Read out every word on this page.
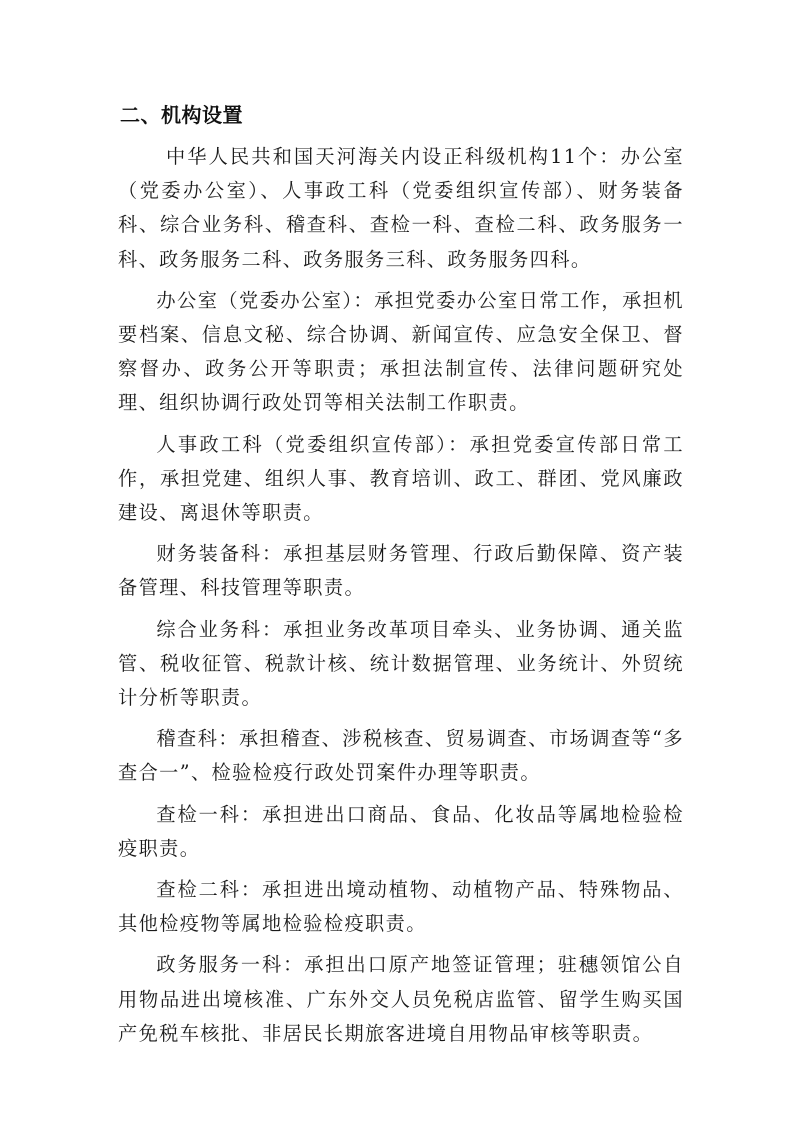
二、机构设置

中华人民共和国天河海关内设正科级机构11个：办公室（党委办公室）、人事政工科（党委组织宣传部）、财务装备科、综合业务科、稽查科、查检一科、查检二科、政务服务一科、政务服务二科、政务服务三科、政务服务四科。

办公室（党委办公室）：承担党委办公室日常工作，承担机要档案、信息文秘、综合协调、新闻宣传、应急安全保卫、督察督办、政务公开等职责；承担法制宣传、法律问题研究处理、组织协调行政处罚等相关法制工作职责。

人事政工科（党委组织宣传部）：承担党委宣传部日常工作，承担党建、组织人事、教育培训、政工、群团、党风廉政建设、离退休等职责。

财务装备科：承担基层财务管理、行政后勤保障、资产装备管理、科技管理等职责。

综合业务科：承担业务改革项目牵头、业务协调、通关监管、税收征管、税款计核、统计数据管理、业务统计、外贸统计分析等职责。

稽查科：承担稽查、涉税核查、贸易调查、市场调查等“多查合一”、检验检疫行政处罚案件办理等职责。

查检一科：承担进出口商品、食品、化妆品等属地检验检疫职责。

查检二科：承担进出境动植物、动植物产品、特殊物品、其他检疫物等属地检验检疫职责。

政务服务一科：承担出口原产地签证管理；驻穗领馆公自用物品进出境核准、广东外交人员免税店监管、留学生购买国产免税车核批、非居民长期旅客进境自用物品审核等职责。
